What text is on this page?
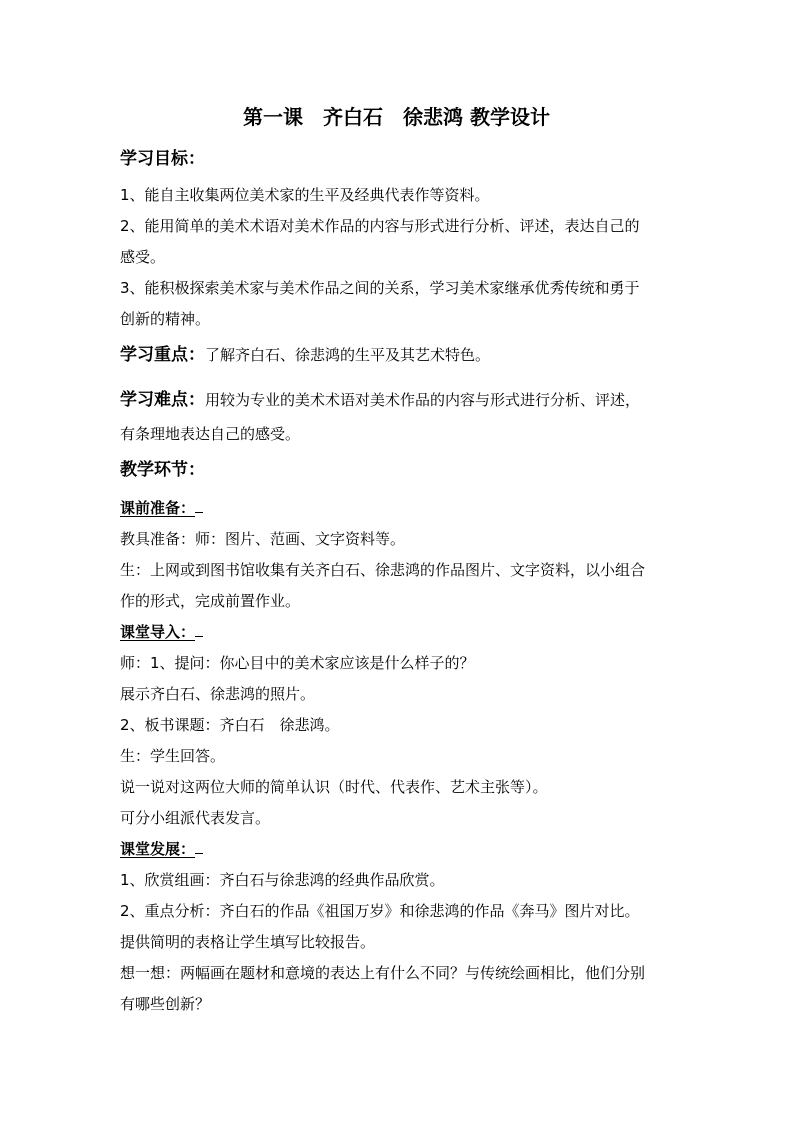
第一课　齐白石　徐悲鸿 教学设计
学习目标：
1、能自主收集两位美术家的生平及经典代表作等资料。
2、能用简单的美术术语对美术作品的内容与形式进行分析、评述，表达自己的
感受。
3、能积极探索美术家与美术作品之间的关系，学习美术家继承优秀传统和勇于
创新的精神。
学习重点：了解齐白石、徐悲鸿的生平及其艺术特色。
学习难点：用较为专业的美术术语对美术作品的内容与形式进行分析、评述，
有条理地表达自己的感受。
教学环节：
课前准备：
教具准备：师：图片、范画、文字资料等。
生：上网或到图书馆收集有关齐白石、徐悲鸿的作品图片、文字资料，以小组合
作的形式，完成前置作业。
课堂导入：
师：1、提问：你心目中的美术家应该是什么样子的？
展示齐白石、徐悲鸿的照片。
2、板书课题：齐白石　徐悲鸿。
生：学生回答。
说一说对这两位大师的简单认识（时代、代表作、艺术主张等）。
可分小组派代表发言。
课堂发展：
1、欣赏组画：齐白石与徐悲鸿的经典作品欣赏。
2、重点分析：齐白石的作品《祖国万岁》和徐悲鸿的作品《奔马》图片对比。
提供简明的表格让学生填写比较报告。
想一想：两幅画在题材和意境的表达上有什么不同？与传统绘画相比，他们分别
有哪些创新？
